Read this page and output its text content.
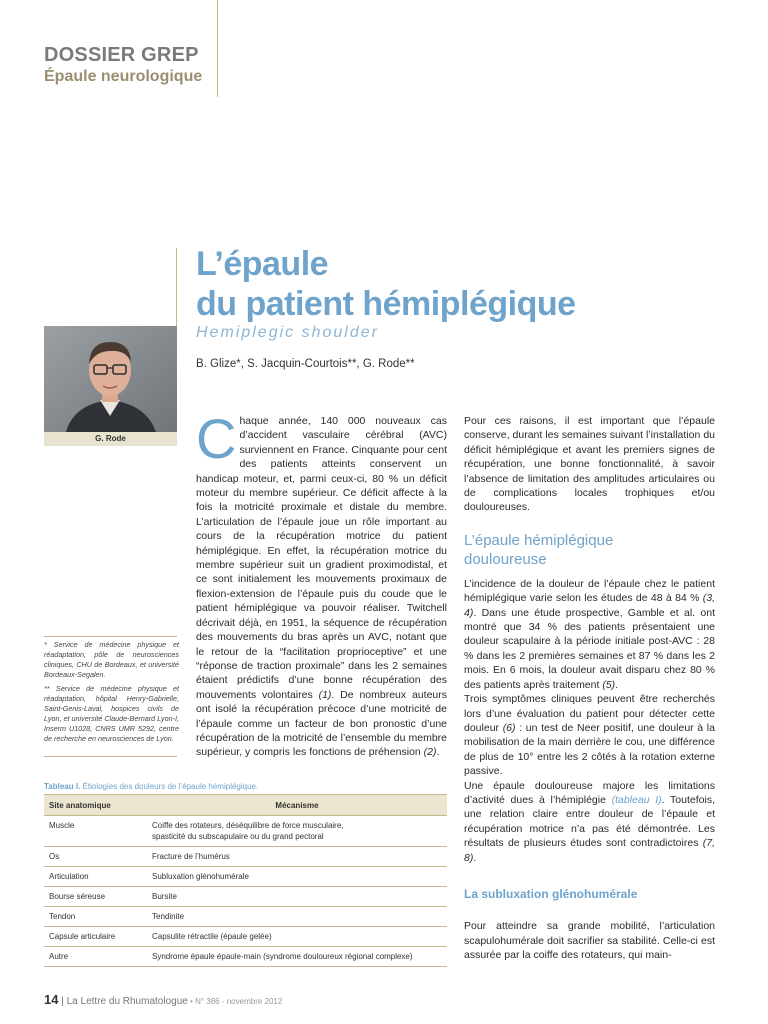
DOSSIER GREP
Épaule neurologique
L’épaule
du patient hémiplégique
Hemiplegic shoulder
B. Glize*, S. Jacquin-Courtois**, G. Rode**
G. Rode

* Service de médecine physique et réadaptation, pôle de neurosciences cliniques, CHU de Bordeaux, et université Bordeaux-Segalen.

** Service de médecine physique et réadaptation, hôpital Henry-Gabrielle, Saint-Genis-Laval, hospices civils de Lyon, et université Claude-Bernard Lyon-I, Inserm U1028, CNRS UMR 5292, centre de recherche en neurosciences de Lyon.

Chaque année, 140 000 nouveaux cas d’accident vasculaire cérébral (AVC) surviennent en France. Cinquante pour cent des patients atteints conservent un handicap moteur, et, parmi ceux-ci, 80 % un déficit moteur du membre supérieur. Ce déficit affecte à la fois la motricité proximale et distale du membre. L’articulation de l’épaule joue un rôle important au cours de la récupération motrice du patient hémiplégique. En effet, la récupération motrice du membre supérieur suit un gradient proximodistal, et ce sont initialement les mouvements proximaux de flexion-extension de l’épaule puis du coude que le patient hémiplégique va pouvoir réaliser. Twitchell décrivait déjà, en 1951, la séquence de récupération des mouvements du bras après un AVC, notant que le retour de la “facilitation proprioceptive” et une “réponse de traction proximale” dans les 2 semaines étaient prédictifs d’une bonne récupération des mouvements volontaires (1). De nombreux auteurs ont isolé la récupération précoce d’une motricité de l’épaule comme un facteur de bon pronostic d’une récupération de la motricité de l’ensemble du membre supérieur, y compris les fonctions de préhension (2).

Pour ces raisons, il est important que l’épaule conserve, durant les semaines suivant l’installation du déficit hémiplégique et avant les premiers signes de récupération, une bonne fonctionnalité, à savoir l’absence de limitation des amplitudes articulaires ou de complications locales trophiques et/ou douloureuses.

L’épaule hémiplégique
douloureuse

L’incidence de la douleur de l’épaule chez le patient hémiplégique varie selon les études de 48 à 84 % (3, 4). Dans une étude prospective, Gamble et al. ont montré que 34 % des patients présentaient une douleur scapulaire à la période initiale post-AVC : 28 % dans les 2 premières semaines et 87 % dans les 2 mois. En 6 mois, la douleur avait disparu chez 80 % des patients après traitement (5).

Trois symptômes cliniques peuvent être recherchés lors d’une évaluation du patient pour détecter cette douleur (6) : un test de Neer positif, une douleur à la mobilisation de la main derrière le cou, une différence de plus de 10° entre les 2 côtés à la rotation externe passive.

Une épaule douloureuse majore les limitations d’activité dues à l’hémiplégie (tableau I). Toutefois, une relation claire entre douleur de l’épaule et récupération motrice n’a pas été démontrée. Les résultats de plusieurs études sont contradictoires (7, 8).

La subluxation glénohumérale

Pour atteindre sa grande mobilité, l’articulation scapulohumérale doit sacrifier sa stabilité. Celle-ci est assurée par la coiffe des rotateurs, qui main-

Tableau I. Étiologies des douleurs de l’épaule hémiplégique.
Site anatomique	Mécanisme
Muscle	Coiffe des rotateurs, déséquilibre de force musculaire,
spasticité du subscapulaire ou du grand pectoral
Os	Fracture de l’humérus
Articulation	Subluxation glénohumérale
Bourse séreuse	Bursite
Tendon	Tendinite
Capsule articulaire	Capsulite rétractile (épaule gelée)
Autre	Syndrome épaule épaule-main (syndrome douloureux régional complexe)
14 | La Lettre du Rhumatologue • N° 386 - novembre 2012
